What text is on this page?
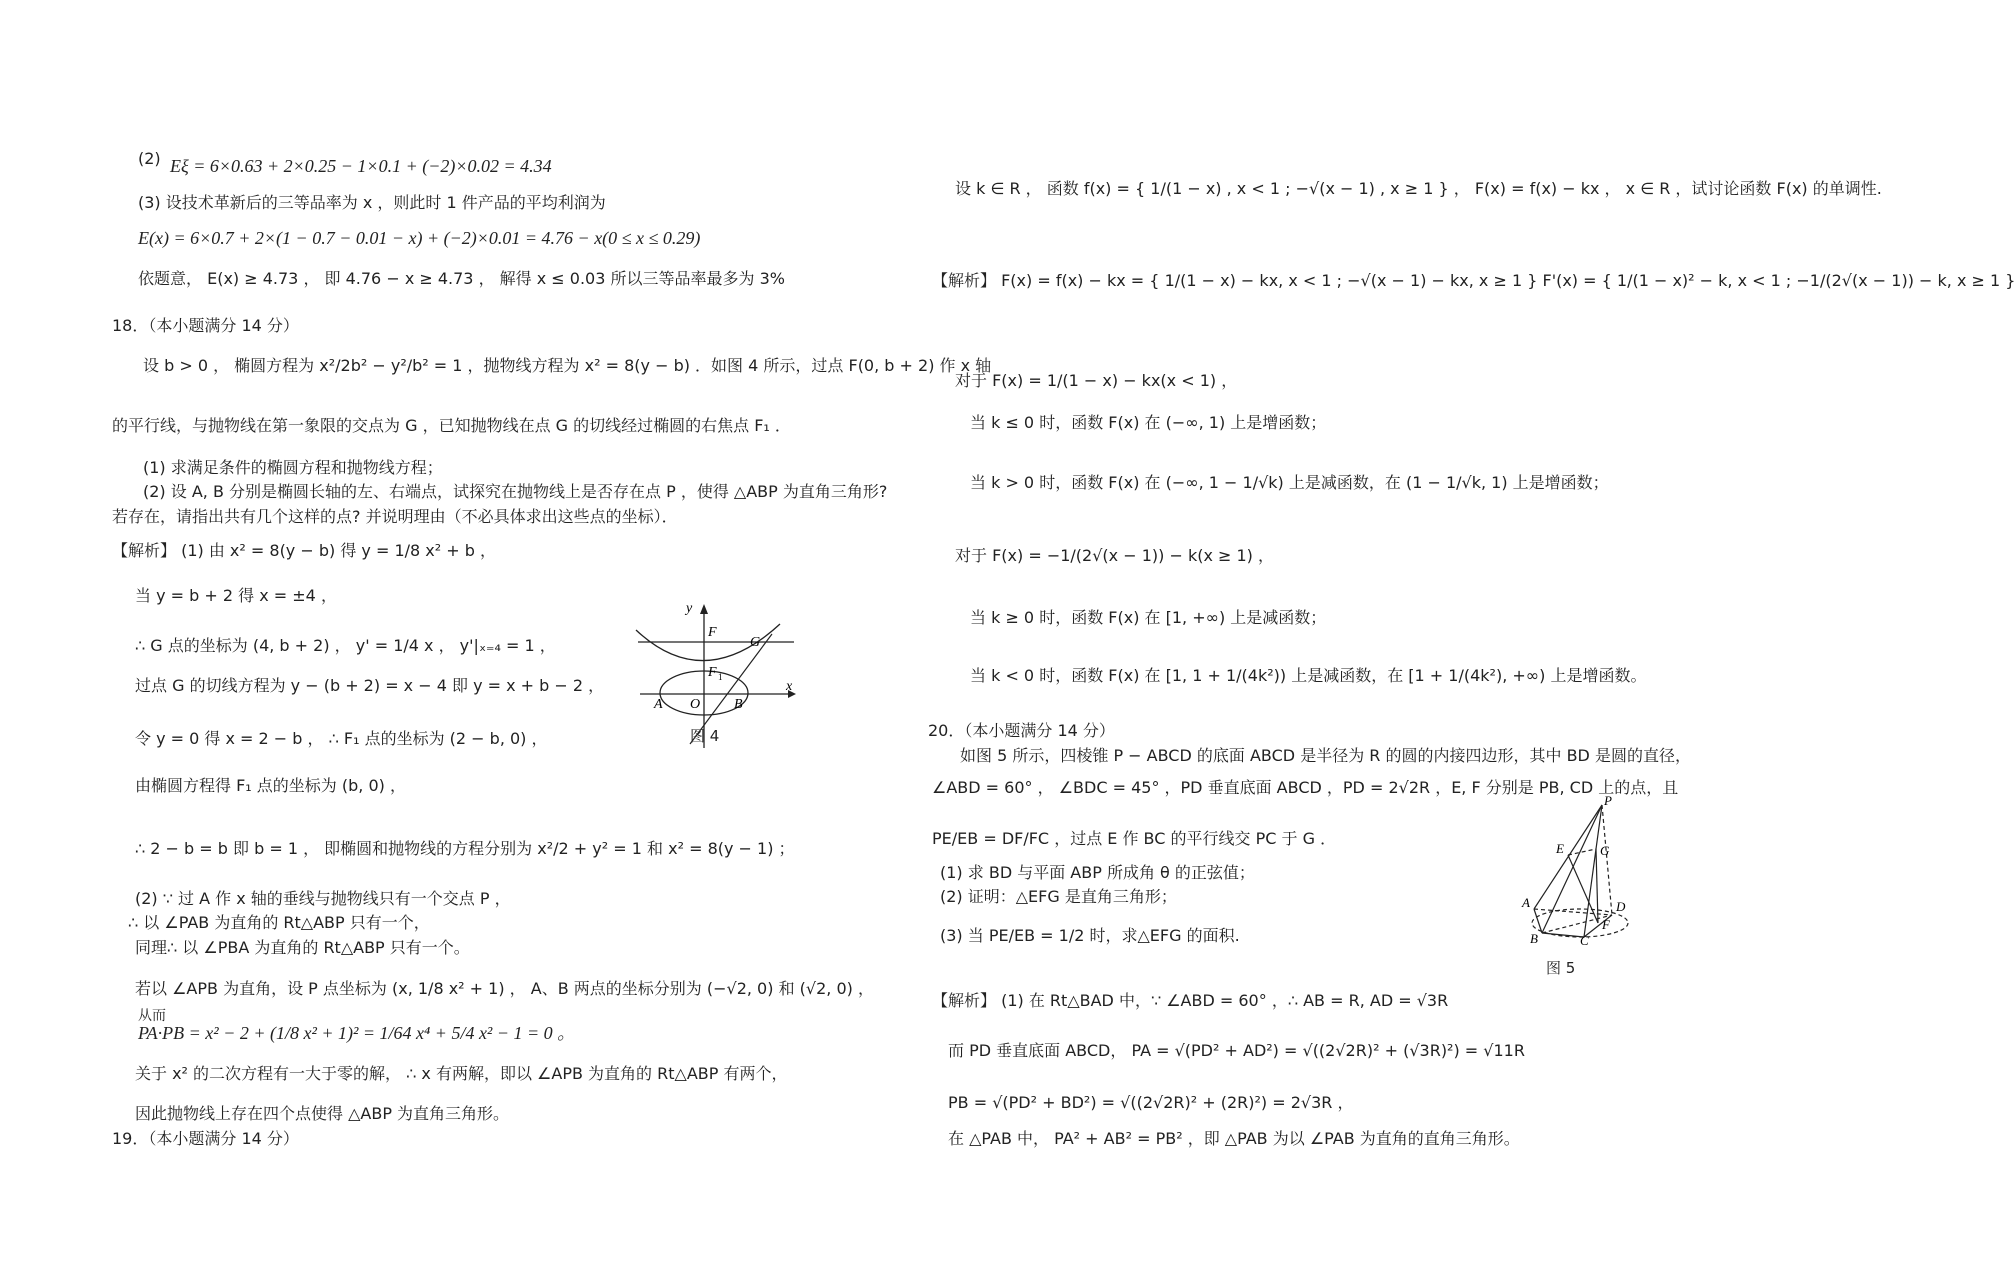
(2) Eξ = 6×0.63 + 2×0.25 − 1×0.1 + (−2)×0.02 = 4.34
(3) 设技术革新后的三等品率为 x ，则此时 1 件产品的平均利润为
E(x) = 6×0.7 + 2×(1 − 0.7 − 0.01 − x) + (−2)×0.01 = 4.76 − x(0 ≤ x ≤ 0.29)
依题意， E(x) ≥ 4.73 ， 即 4.76 − x ≥ 4.73 ， 解得 x ≤ 0.03 所以三等品率最多为 3%
18．（本小题满分 14 分）
设 b > 0 ， 椭圆方程为 x²/2b² − y²/b² = 1 ，抛物线方程为 x² = 8(y − b) ．如图 4 所示，过点 F(0, b + 2) 作 x 轴
的平行线，与抛物线在第一象限的交点为 G ，已知抛物线在点 G 的切线经过椭圆的右焦点 F₁ ．
(1) 求满足条件的椭圆方程和抛物线方程；
(2) 设 A, B 分别是椭圆长轴的左、右端点，试探究在抛物线上是否存在点 P ，使得 △ABP 为直角三角形?
若存在，请指出共有几个这样的点? 并说明理由（不必具体求出这些点的坐标）．
【解析】 (1) 由 x² = 8(y − b) 得 y = 1/8 x² + b ，
当 y = b + 2 得 x = ±4 ，
∴ G 点的坐标为 (4, b + 2) ， y' = 1/4 x ， y'|ₓ₌₄ = 1 ，
过点 G 的切线方程为 y − (b + 2) = x − 4 即 y = x + b − 2 ，
令 y = 0 得 x = 2 − b ， ∴ F₁ 点的坐标为 (2 − b, 0) ，
由椭圆方程得 F₁ 点的坐标为 (b, 0) ，
∴ 2 − b = b 即 b = 1 ， 即椭圆和抛物线的方程分别为 x²/2 + y² = 1 和 x² = 8(y − 1) ；
(2) ∵ 过 A 作 x 轴的垂线与抛物线只有一个交点 P ，
∴ 以 ∠PAB 为直角的 Rt△ABP 只有一个，
同理∴ 以 ∠PBA 为直角的 Rt△ABP 只有一个。
若以 ∠APB 为直角，设 P 点坐标为 (x, 1/8 x² + 1) ， A、B 两点的坐标分别为 (−√2, 0) 和 (√2, 0) ，
从而
PA·PB = x² − 2 + (1/8 x² + 1)² = 1/64 x⁴ + 5/4 x² − 1 = 0 。
关于 x² 的二次方程有一大于零的解， ∴ x 有两解，即以 ∠APB 为直角的 Rt△ABP 有两个，
因此抛物线上存在四个点使得 △ABP 为直角三角形。
19．（本小题满分 14 分）
y
x
F
G
F 1
A O B
图 4
设 k ∈ R ， 函数 f(x) = { 1/(1 − x) , x < 1 ; −√(x − 1) , x ≥ 1 } ， F(x) = f(x) − kx ， x ∈ R ，试讨论函数 F(x) 的单调性.
【解析】 F(x) = f(x) − kx = { 1/(1 − x) − kx, x < 1 ; −√(x − 1) − kx, x ≥ 1 } F'(x) = { 1/(1 − x)² − k, x < 1 ; −1/(2√(x − 1)) − k, x ≥ 1 }
对于 F(x) = 1/(1 − x) − kx(x < 1) ，
当 k ≤ 0 时，函数 F(x) 在 (−∞, 1) 上是增函数；
当 k > 0 时，函数 F(x) 在 (−∞, 1 − 1/√k) 上是减函数，在 (1 − 1/√k, 1) 上是增函数；
对于 F(x) = −1/(2√(x − 1)) − k(x ≥ 1) ，
当 k ≥ 0 时，函数 F(x) 在 [1, +∞) 上是减函数；
当 k < 0 时，函数 F(x) 在 [1, 1 + 1/(4k²)) 上是减函数，在 [1 + 1/(4k²), +∞) 上是增函数。
20．（本小题满分 14 分）
如图 5 所示，四棱锥 P − ABCD 的底面 ABCD 是半径为 R 的圆的内接四边形，其中 BD 是圆的直径，
∠ABD = 60° ， ∠BDC = 45° ，PD 垂直底面 ABCD ，PD = 2√2R ，E, F 分别是 PB, CD 上的点，且
PE/EB = DF/FC ，过点 E 作 BC 的平行线交 PC 于 G ．
(1) 求 BD 与平面 ABP 所成角 θ 的正弦值；
(2) 证明：△EFG 是直角三角形；
(3) 当 PE/EB = 1/2 时，求△EFG 的面积.
【解析】 (1) 在 Rt△BAD 中，∵ ∠ABD = 60° ，∴ AB = R, AD = √3R
而 PD 垂直底面 ABCD， PA = √(PD² + AD²) = √((2√2R)² + (√3R)²) = √11R
PB = √(PD² + BD²) = √((2√2R)² + (2R)²) = 2√3R ，
在 △PAB 中， PA² + AB² = PB² ，即 △PAB 为以 ∠PAB 为直角的直角三角形。
P
E	G
A	D
F
B	C
图 5
